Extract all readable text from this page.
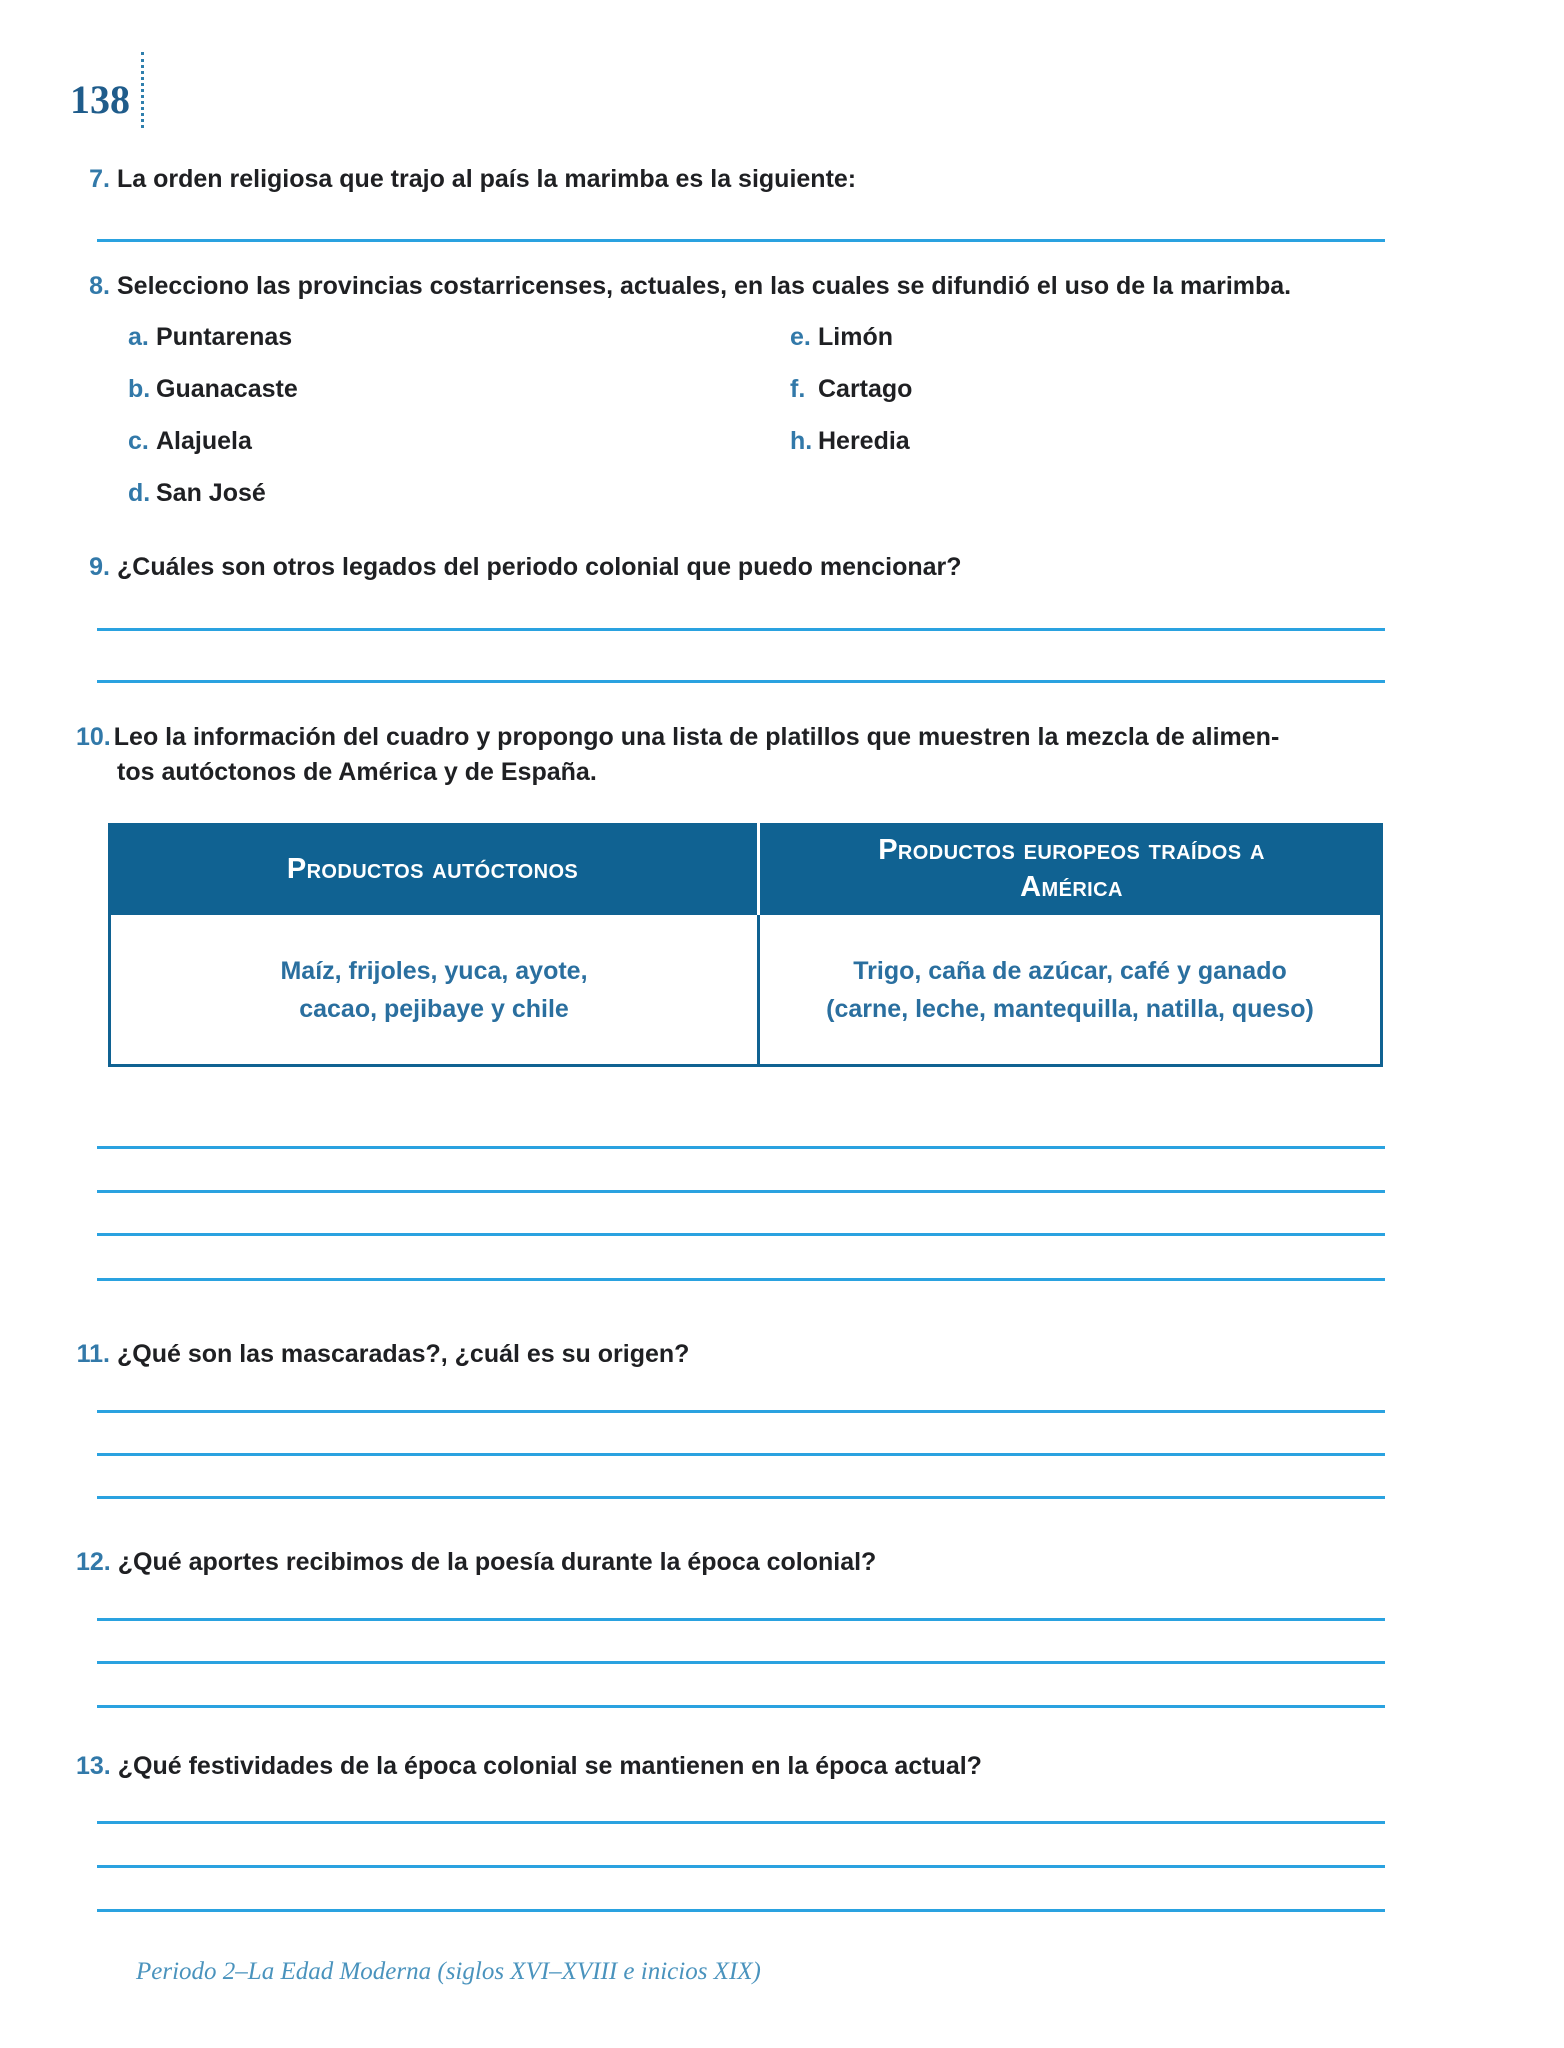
138
7. La orden religiosa que trajo al país la marimba es la siguiente:
8. Selecciono las provincias costarricenses, actuales, en las cuales se difundió el uso de la marimba.
a. Puntarenas
b. Guanacaste
c. Alajuela
d. San José
e. Limón
f. Cartago
h. Heredia
9. ¿Cuáles son otros legados del periodo colonial que puedo mencionar?
10. Leo la información del cuadro y propongo una lista de platillos que muestren la mezcla de alimen-
tos autóctonos de América y de España.
Productos autóctonos
Productos europeos traídos a
América
Maíz, frijoles, yuca, ayote,
cacao, pejibaye y chile
Trigo, caña de azúcar, café y ganado
(carne, leche, mantequilla, natilla, queso)
11. ¿Qué son las mascaradas?, ¿cuál es su origen?
12. ¿Qué aportes recibimos de la poesía durante la época colonial?
13. ¿Qué festividades de la época colonial se mantienen en la época actual?
Periodo 2–La Edad Moderna (siglos XVI–XVIII e inicios XIX)
